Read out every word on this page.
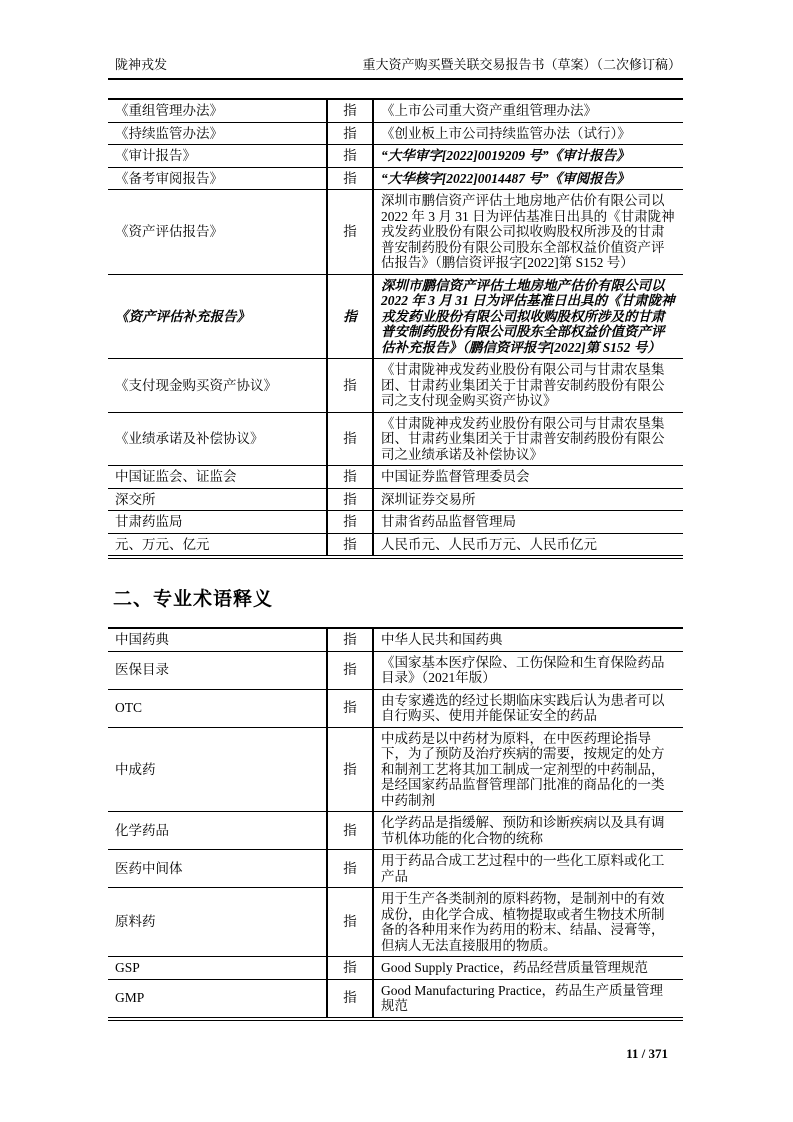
陇神戎发	重大资产购买暨关联交易报告书（草案）（二次修订稿）
《重组管理办法》	指	《上市公司重大资产重组管理办法》
《持续监管办法》	指	《创业板上市公司持续监管办法（试行）》
《审计报告》	指	“大华审字[2022]0019209 号”《审计报告》
《备考审阅报告》	指	“大华核字[2022]0014487 号”《审阅报告》
《资产评估报告》	指	深圳市鹏信资产评估土地房地产估价有限公司以2022 年 3 月 31 日为评估基准日出具的《甘肃陇神戎发药业股份有限公司拟收购股权所涉及的甘肃普安制药股份有限公司股东全部权益价值资产评估报告》（鹏信资评报字[2022]第 S152 号）
《资产评估补充报告》	指	深圳市鹏信资产评估土地房地产估价有限公司以2022 年 3 月 31 日为评估基准日出具的《甘肃陇神戎发药业股份有限公司拟收购股权所涉及的甘肃普安制药股份有限公司股东全部权益价值资产评估补充报告》（鹏信资评报字[2022]第 S152 号）
《支付现金购买资产协议》	指	《甘肃陇神戎发药业股份有限公司与甘肃农垦集团、甘肃药业集团关于甘肃普安制药股份有限公司之支付现金购买资产协议》
《业绩承诺及补偿协议》	指	《甘肃陇神戎发药业股份有限公司与甘肃农垦集团、甘肃药业集团关于甘肃普安制药股份有限公司之业绩承诺及补偿协议》
中国证监会、证监会	指	中国证券监督管理委员会
深交所	指	深圳证券交易所
甘肃药监局	指	甘肃省药品监督管理局
元、万元、亿元	指	人民币元、人民币万元、人民币亿元
二、专业术语释义
中国药典	指	中华人民共和国药典
医保目录	指	《国家基本医疗保险、工伤保险和生育保险药品目录》（2021年版）
OTC	指	由专家遴选的经过长期临床实践后认为患者可以自行购买、使用并能保证安全的药品
中成药	指	中成药是以中药材为原料，在中医药理论指导下，为了预防及治疗疾病的需要，按规定的处方和制剂工艺将其加工制成一定剂型的中药制品，是经国家药品监督管理部门批准的商品化的一类中药制剂
化学药品	指	化学药品是指缓解、预防和诊断疾病以及具有调节机体功能的化合物的统称
医药中间体	指	用于药品合成工艺过程中的一些化工原料或化工产品
原料药	指	用于生产各类制剂的原料药物，是制剂中的有效成份，由化学合成、植物提取或者生物技术所制备的各种用来作为药用的粉末、结晶、浸膏等，但病人无法直接服用的物质。
GSP	指	Good Supply Practice，药品经营质量管理规范
GMP	指	Good Manufacturing Practice，药品生产质量管理规范
11 / 371
